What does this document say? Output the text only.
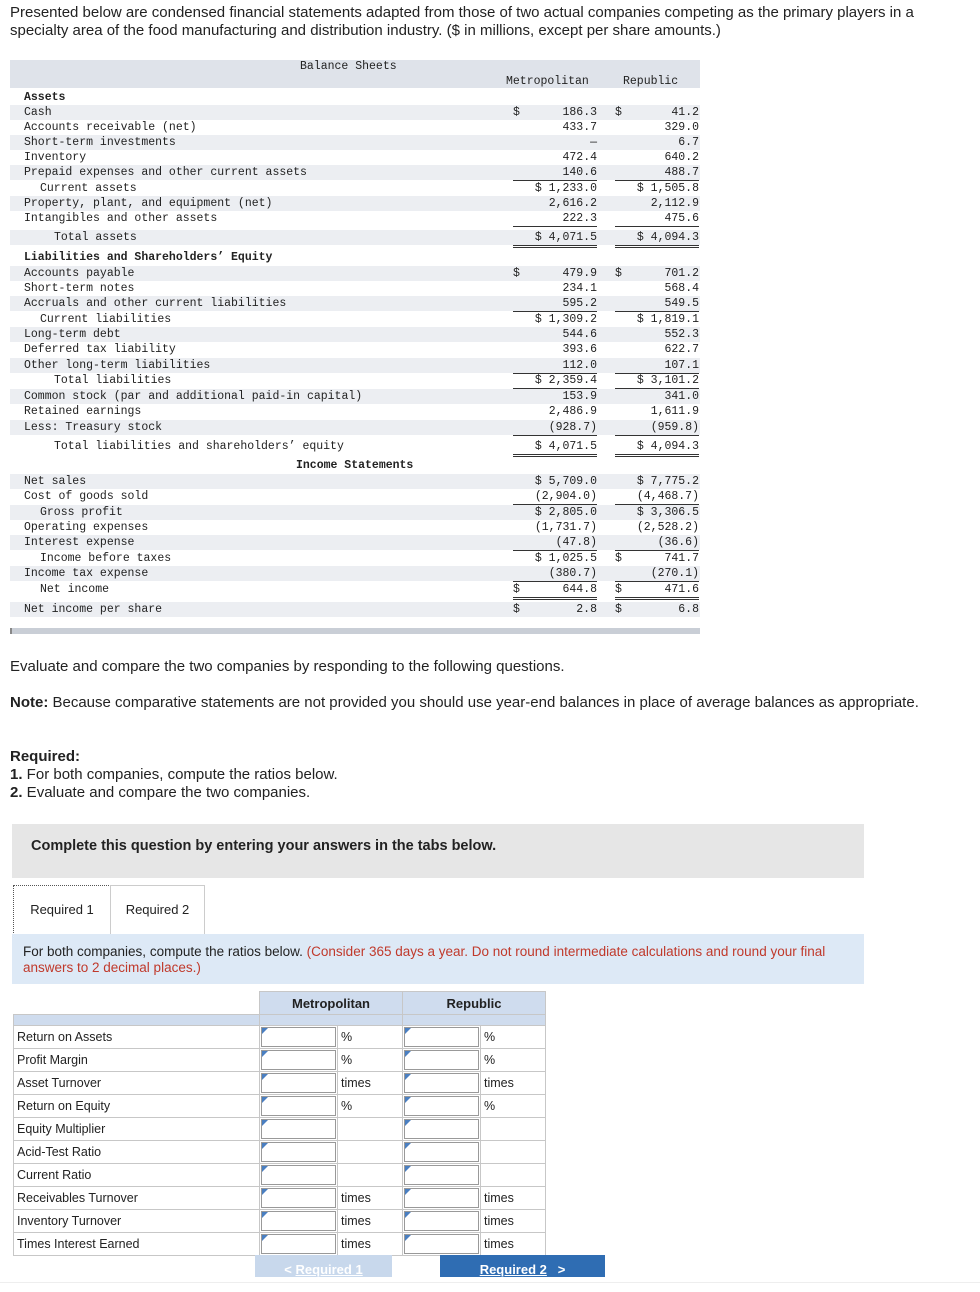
Presented below are condensed financial statements adapted from those of two actual companies competing as the primary players in a specialty area of the food manufacturing and distribution industry. ($ in millions, except per share amounts.)
Balance Sheets
Metropolitan	Republic
Assets
Cash	$	186.3 $	41.2
Accounts receivable (net)	433.7	329.0
Short-term investments	—	6.7
Inventory	472.4	640.2
Prepaid expenses and other current assets	140.6	488.7
Current assets	$ 1,233.0	$ 1,505.8
Property, plant, and equipment (net)	2,616.2	2,112.9
Intangibles and other assets	222.3	475.6
Total assets	$ 4,071.5	$ 4,094.3
Liabilities and Shareholders’ Equity
Accounts payable	$	479.9 $	701.2
Short-term notes	234.1	568.4
Accruals and other current liabilities	595.2	549.5
Current liabilities	$ 1,309.2	$ 1,819.1
Long-term debt	544.6	552.3
Deferred tax liability	393.6	622.7
Other long-term liabilities	112.0	107.1
Total liabilities	$ 2,359.4	$ 3,101.2
Common stock (par and additional paid-in capital)	153.9	341.0
Retained earnings	2,486.9	1,611.9
Less: Treasury stock	(928.7)	(959.8)
Total liabilities and shareholders’ equity	$ 4,071.5	$ 4,094.3
Net sales	$ 5,709.0	$ 7,775.2
Cost of goods sold	(2,904.0)	(4,468.7)
Gross profit	$ 2,805.0	$ 3,306.5
Operating expenses	(1,731.7)	(2,528.2)
Interest expense	(47.8)	(36.6)
Income before taxes	$ 1,025.5 $	741.7
Income tax expense	(380.7)	(270.1)
Net income	$	644.8 $	471.6
Net income per share	$	2.8 $	6.8
Income Statements
Evaluate and compare the two companies by responding to the following questions.
Note: Because comparative statements are not provided you should use year-end balances in place of average balances as appropriate.
Required:
1. For both companies, compute the ratios below.
2. Evaluate and compare the two companies.
Complete this question by entering your answers in the tabs below.
Required 1	Required 2
For both companies, compute the ratios below. (Consider 365 days a year. Do not round intermediate calculations and round your final answers to 2 decimal places.)
	Metropolitan		Republic	

Return on Assets		%		%
Profit Margin		%		%
Asset Turnover		times		times
Return on Equity		%		%
Equity Multiplier	

Acid-Test Ratio	

Current Ratio	

Receivables Turnover		times		times
Inventory Turnover		times		times
Times Interest Earned		times		times
< Required 1	Required 2 >
